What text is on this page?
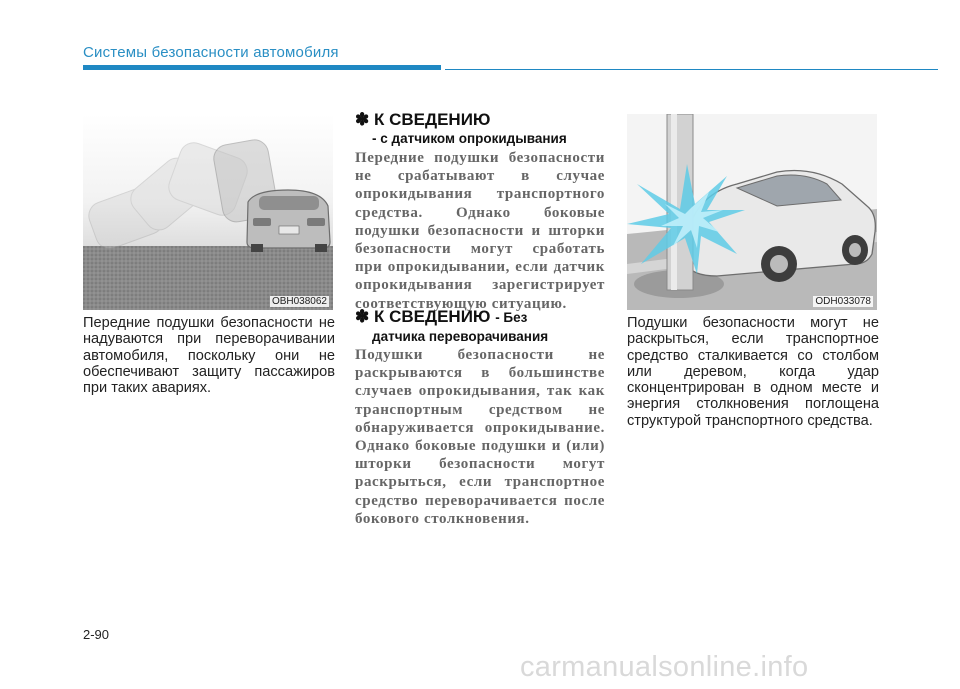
Системы безопасности автомобиля
OBH038062
Передние подушки безопасности не надуваются при переворачивании автомобиля, поскольку они не обеспечивают защиту пассажиров при таких авариях.
✽ К СВЕДЕНИЮ
- с датчиком опрокидывания
Передние подушки безопасности не срабатывают в случае опрокидывания транспортного средства. Однако боковые подушки безопасности и шторки безопасности могут сработать при опрокидывании, если датчик опрокидывания зарегистрирует соответствующую ситуацию.
✽ К СВЕДЕНИЮ - Без
датчика переворачивания
Подушки безопасности не раскрываются в большинстве случаев опрокидывания, так как транспортным средством не обнаруживается опрокидывание. Однако боковые подушки и (или) шторки безопасности могут раскрыться, если транспортное средство переворачивается после бокового столкновения.
ODH033078
Подушки безопасности могут не раскрыться, если транспортное средство сталкивается со столбом или деревом, когда удар сконцентрирован в одном месте и энергия столкновения поглощена структурой транспортного средства.
2-90
carmanualsonline.info
